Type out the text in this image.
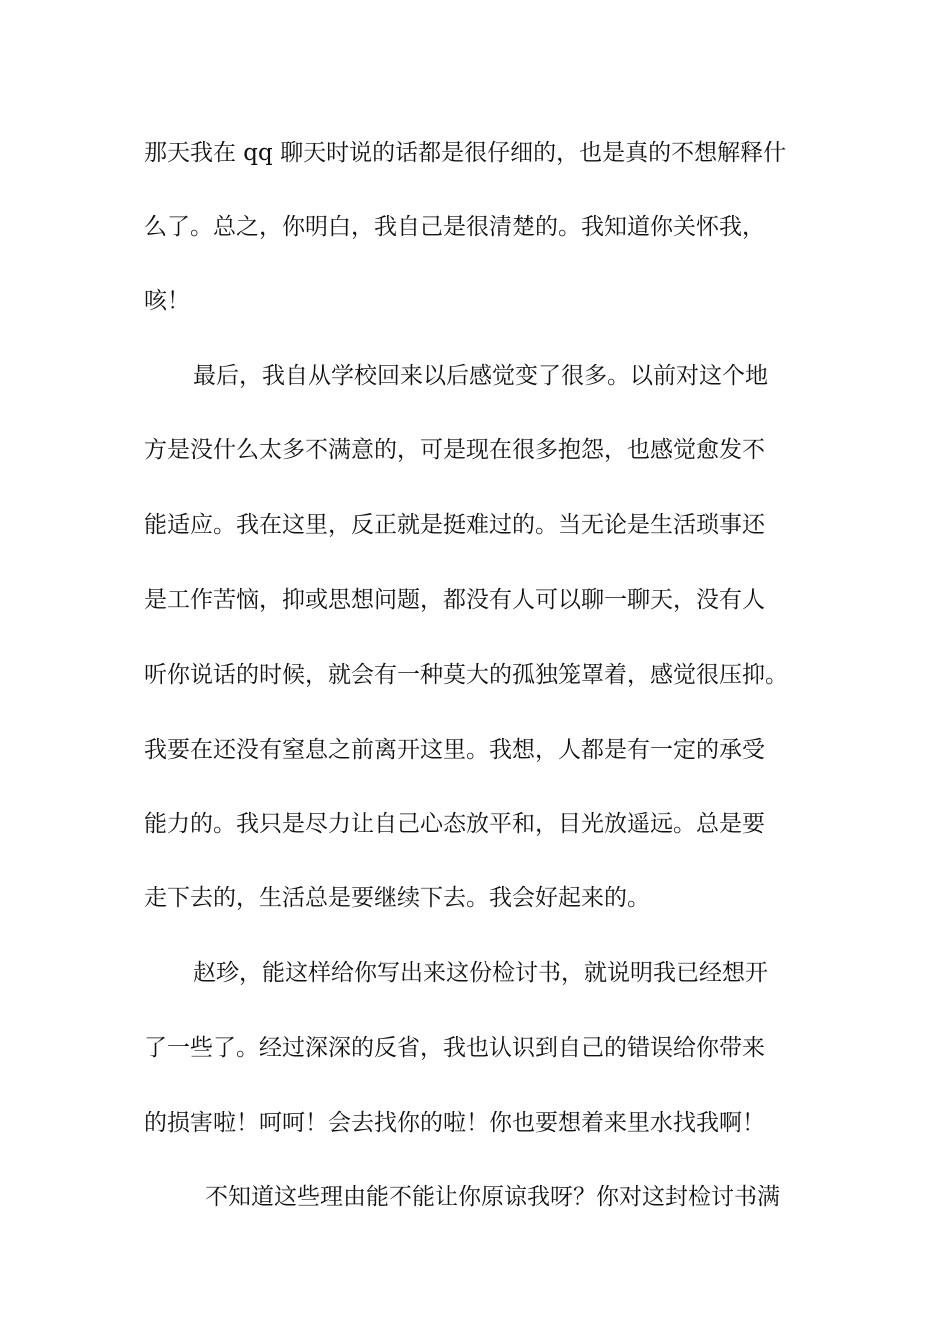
那天我在 qq 聊天时说的话都是很仔细的，也是真的不想解释什
么了。总之，你明白，我自己是很清楚的。我知道你关怀我，
咳！
最后，我自从学校回来以后感觉变了很多。以前对这个地
方是没什么太多不满意的，可是现在很多抱怨，也感觉愈发不
能适应。我在这里，反正就是挺难过的。当无论是生活琐事还
是工作苦恼，抑或思想问题，都没有人可以聊一聊天，没有人
听你说话的时候，就会有一种莫大的孤独笼罩着，感觉很压抑。
我要在还没有窒息之前离开这里。我想，人都是有一定的承受
能力的。我只是尽力让自己心态放平和，目光放遥远。总是要
走下去的，生活总是要继续下去。我会好起来的。
赵珍，能这样给你写出来这份检讨书，就说明我已经想开
了一些了。经过深深的反省，我也认识到自己的错误给你带来
的损害啦！呵呵！会去找你的啦！你也要想着来里水找我啊！
不知道这些理由能不能让你原谅我呀？你对这封检讨书满
